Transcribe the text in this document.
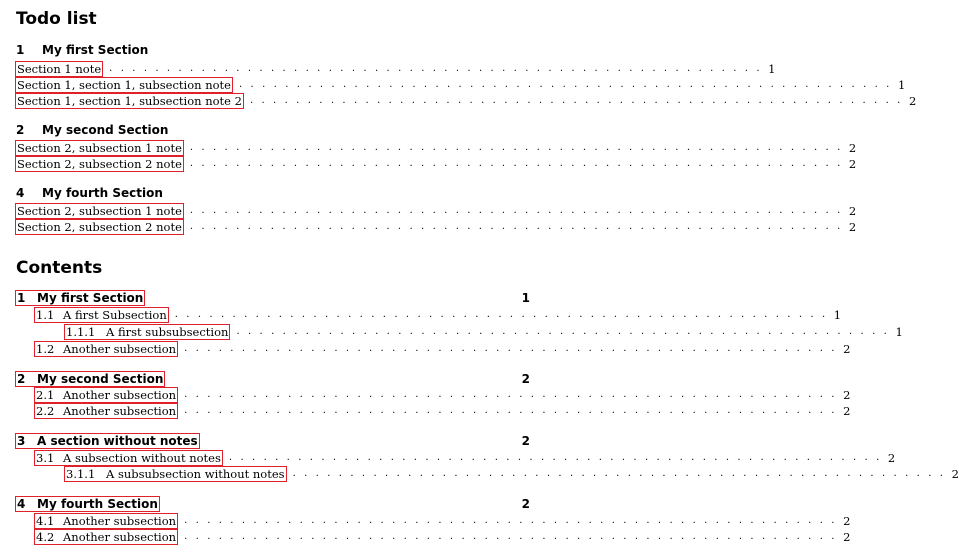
Todo list
1	My first Section
Section 1 note . . . . . . . . . . . . . . . . . . . . . . . . . . . . . . . . . . . . . . . . . . . . . . . . . . . . . . . . . 1
Section 1, section 1, subsection note . . . . . . . . . . . . . . . . . . . . . . . . . . . . . . . . . . . . . . . . . . . . . . . . . . . . . . . . . 1
Section 1, section 1, subsection note 2 . . . . . . . . . . . . . . . . . . . . . . . . . . . . . . . . . . . . . . . . . . . . . . . . . . . . . . . . . 2
2	My second Section
Section 2, subsection 1 note . . . . . . . . . . . . . . . . . . . . . . . . . . . . . . . . . . . . . . . . . . . . . . . . . . . . . . . . . 2
Section 2, subsection 2 note . . . . . . . . . . . . . . . . . . . . . . . . . . . . . . . . . . . . . . . . . . . . . . . . . . . . . . . . . 2
4	My fourth Section
Section 2, subsection 1 note . . . . . . . . . . . . . . . . . . . . . . . . . . . . . . . . . . . . . . . . . . . . . . . . . . . . . . . . . 2
Section 2, subsection 2 note . . . . . . . . . . . . . . . . . . . . . . . . . . . . . . . . . . . . . . . . . . . . . . . . . . . . . . . . . 2
Contents
1 My first Section	1
1.1 A first Subsection . . . . . . . . . . . . . . . . . . . . . . . . . . . . . . . . . . . . . . . . . . . . . . . . . . . . . . . . . 1
1.1.1 A first subsubsection . . . . . . . . . . . . . . . . . . . . . . . . . . . . . . . . . . . . . . . . . . . . . . . . . . . . . . . . . 1
1.2 Another subsection . . . . . . . . . . . . . . . . . . . . . . . . . . . . . . . . . . . . . . . . . . . . . . . . . . . . . . . . . 2
2 My second Section	2
2.1 Another subsection . . . . . . . . . . . . . . . . . . . . . . . . . . . . . . . . . . . . . . . . . . . . . . . . . . . . . . . . . 2
2.2 Another subsection . . . . . . . . . . . . . . . . . . . . . . . . . . . . . . . . . . . . . . . . . . . . . . . . . . . . . . . . . 2
3 A section without notes	2
3.1 A subsection without notes . . . . . . . . . . . . . . . . . . . . . . . . . . . . . . . . . . . . . . . . . . . . . . . . . . . . . . . . . 2
3.1.1 A subsubsection without notes . . . . . . . . . . . . . . . . . . . . . . . . . . . . . . . . . . . . . . . . . . . . . . . . . . . . . . . . . 2
4 My fourth Section	2
4.1 Another subsection . . . . . . . . . . . . . . . . . . . . . . . . . . . . . . . . . . . . . . . . . . . . . . . . . . . . . . . . . 2
4.2 Another subsection . . . . . . . . . . . . . . . . . . . . . . . . . . . . . . . . . . . . . . . . . . . . . . . . . . . . . . . . . 2
